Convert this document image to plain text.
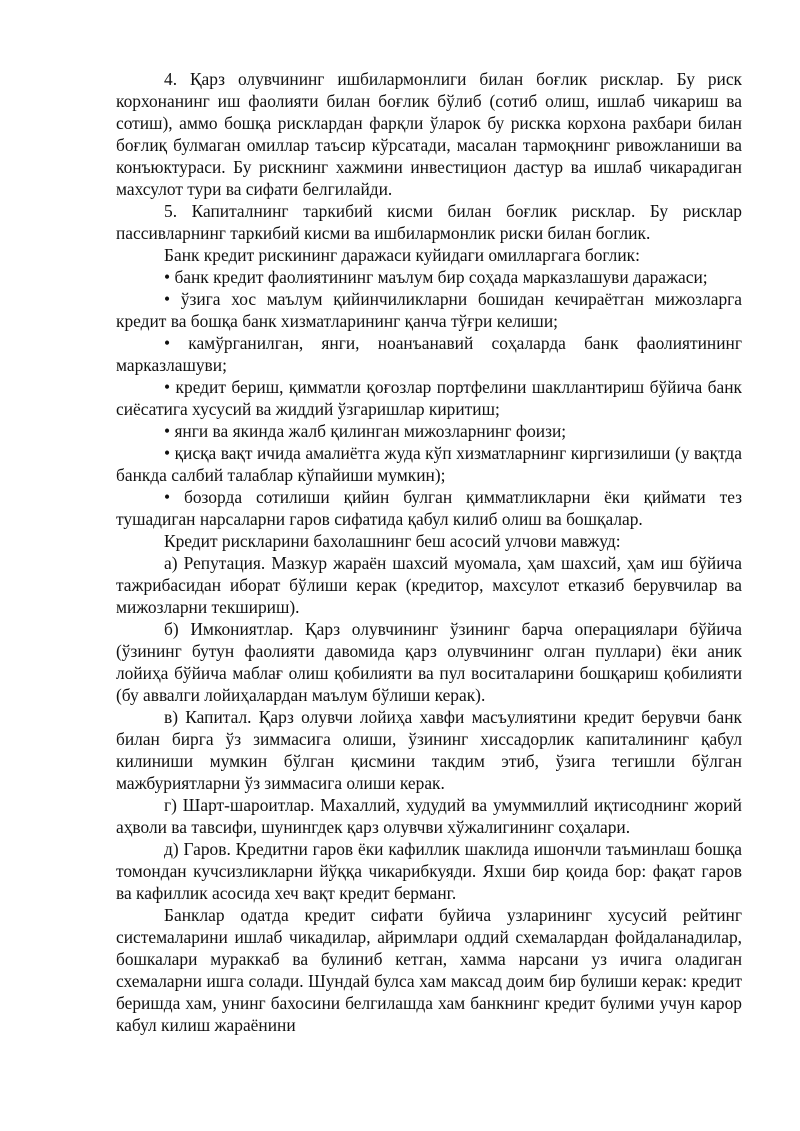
4. Қарз олувчининг ишбилармонлиги билан боғлик рисклар. Бу риск корхонанинг иш фаолияти билан боғлик бўлиб (сотиб олиш, ишлаб чикариш ва сотиш), аммо бошқа рисклардан фарқли ўларок бу рискка корхона рахбари билан боғлиқ булмаган омиллар таъсир кўрсатади, масалан тармоқнинг ривожланиши ва конъюктураси. Бу рискнинг хажмини инвестицион дастур ва ишлаб чикарадиган махсулот тури ва сифати белгилайди.

5. Капиталнинг таркибий кисми билан боғлик рисклар. Бу рисклар пассивларнинг таркибий кисми ва ишбилармонлик риски билан боглик.

Банк кредит рискининг даражаси куйидаги омилларгага боглик:

• банк кредит фаолиятининг маълум бир соҳада марказлашуви даражаси;

• ўзига хос маълум қийинчиликларни бошидан кечираётган мижозларга кредит ва бошқа банк хизматларининг қанча тўғри келиши;

• камўрганилган, янги, ноанъанавий соҳаларда банк фаолиятининг марказлашуви;

• кредит бериш, қимматли қоғозлар портфелини шакллантириш бўйича банк сиёсатига хусусий ва жиддий ўзгаришлар киритиш;

• янги ва якинда жалб қилинган мижозларнинг фоизи;

• қисқа вақт ичида амалиётга жуда кўп хизматларнинг киргизилиши (у вақтда банкда салбий талаблар кўпайиши мумкин);

• бозорда сотилиши қийин булган қимматликларни ёки қиймати тез тушадиган нарсаларни гаров сифатида қабул килиб олиш ва бошқалар.

Кредит рискларини бахолашнинг беш асосий улчови мавжуд:

а) Репутация. Мазкур жараён шахсий муомала, ҳам шахсий, ҳам иш бўйича тажрибасидан иборат бўлиши керак (кредитор, махсулот етказиб берувчилар ва мижозларни текшириш).

б) Имкониятлар. Қарз олувчининг ўзининг барча операциялари бўйича (ўзининг бутун фаолияти давомида қарз олувчининг олган пуллари) ёки аник лойиҳа бўйича маблағ олиш қобилияти ва пул воситаларини бошқариш қобилияти (бу аввалги лойиҳалардан маълум бўлиши керак).

в) Капитал. Қарз олувчи лойиҳа хавфи масъулиятини кредит берувчи банк билан бирга ўз зиммасига олиши, ўзининг хиссадорлик капиталининг қабул килиниши мумкин бўлган қисмини такдим этиб, ўзига тегишли бўлган мажбуриятларни ўз зиммасига олиши керак.

г) Шарт-шароитлар. Махаллий, худудий ва умуммиллий иқтисоднинг жорий аҳволи ва тавсифи, шунингдек қарз олувчви хўжалигининг соҳалари.

д) Гаров. Кредитни гаров ёки кафиллик шаклида ишончли таъминлаш бошқа томондан кучсизликларни йўққа чикарибкуяди. Яхши бир қоида бор: фақат гаров ва кафиллик асосида хеч вақт кредит берманг.

Банклар одатда кредит сифати буйича узларининг хусусий рейтинг системаларини ишлаб чикадилар, айримлари оддий схемалардан фойдаланадилар, бошкалари мураккаб ва булиниб кетган, хамма нарсани уз ичига оладиган схемаларни ишга солади. Шундай булса хам максад доим бир булиши керак: кредит беришда хам, унинг бахосини белгилашда хам банкнинг кредит булими учун карор кабул килиш жараёнини
